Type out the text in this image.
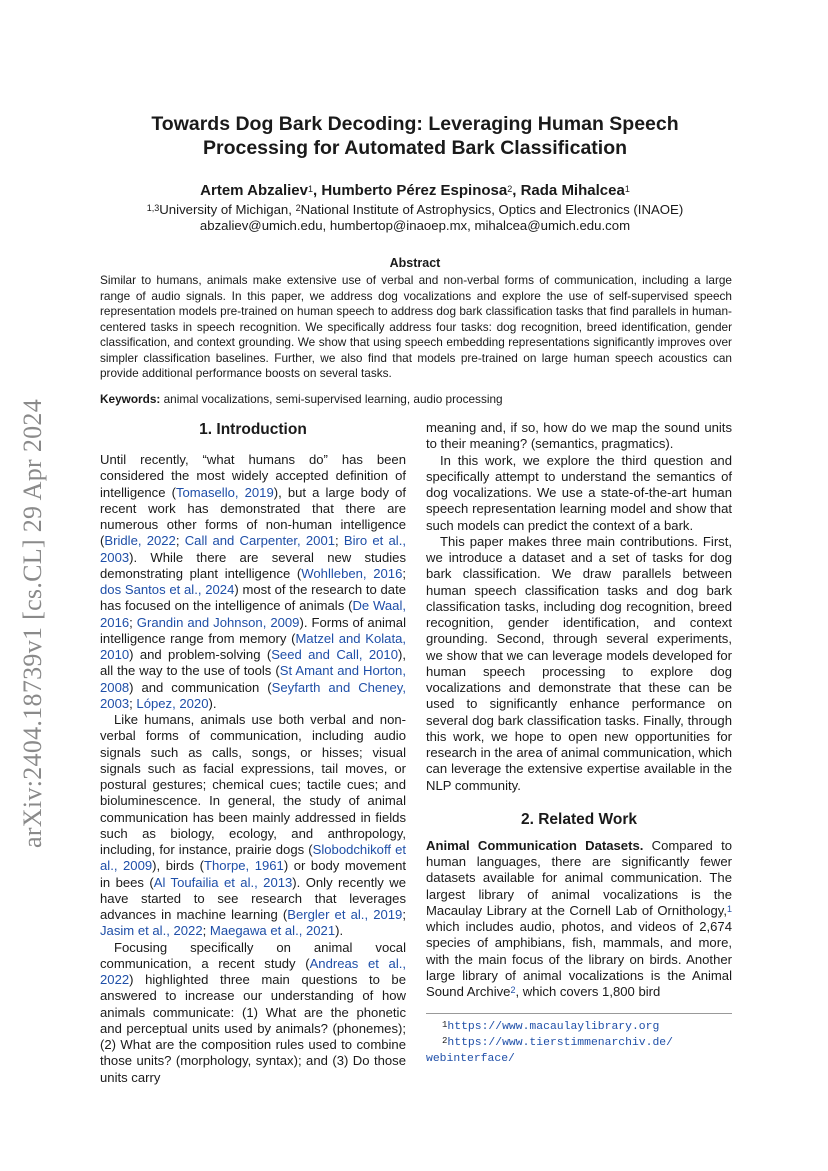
arXiv:2404.18739v1 [cs.CL] 29 Apr 2024
Towards Dog Bark Decoding: Leveraging Human Speech
Processing for Automated Bark Classification
Artem Abzaliev$^1$, Humberto Pérez Espinosa$^2$, Rada Mihalcea$^1$
$^{1,3}$University of Michigan, $^2$National Institute of Astrophysics, Optics and Electronics (INAOE)
abzaliev@umich.edu, humbertop@inaoep.mx, mihalcea@umich.edu.com
Abstract
Similar to humans, animals make extensive use of verbal and non-verbal forms of communication, including a large range of audio signals. In this paper, we address dog vocalizations and explore the use of self-supervised speech representation models pre-trained on human speech to address dog bark classification tasks that find parallels in human-centered tasks in speech recognition. We specifically address four tasks: dog recognition, breed identification, gender classification, and context grounding. We show that using speech embedding representations significantly improves over simpler classification baselines. Further, we also find that models pre-trained on large human speech acoustics can provide additional performance boosts on several tasks.
Keywords: animal vocalizations, semi-supervised learning, audio processing
1. Introduction

Until recently, “what humans do” has been considered the most widely accepted definition of intelligence (Tomasello, 2019), but a large body of recent work has demonstrated that there are numerous other forms of non-human intelligence (Bridle, 2022; Call and Carpenter, 2001; Biro et al., 2003). While there are several new studies demonstrating plant intelligence (Wohlleben, 2016; dos Santos et al., 2024) most of the research to date has focused on the intelligence of animals (De Waal, 2016; Grandin and Johnson, 2009). Forms of animal intelligence range from memory (Matzel and Kolata, 2010) and problem-solving (Seed and Call, 2010), all the way to the use of tools (St Amant and Horton, 2008) and communication (Seyfarth and Cheney, 2003; López, 2020).

Like humans, animals use both verbal and non-verbal forms of communication, including audio signals such as calls, songs, or hisses; visual signals such as facial expressions, tail moves, or postural gestures; chemical cues; tactile cues; and bioluminescence. In general, the study of animal communication has been mainly addressed in fields such as biology, ecology, and anthropology, including, for instance, prairie dogs (Slobodchikoff et al., 2009), birds (Thorpe, 1961) or body movement in bees (Al Toufailia et al., 2013). Only recently we have started to see research that leverages advances in machine learning (Bergler et al., 2019; Jasim et al., 2022; Maegawa et al., 2021).

Focusing specifically on animal vocal communication, a recent study (Andreas et al., 2022) highlighted three main questions to be answered to increase our understanding of how animals communicate: (1) What are the phonetic and perceptual units used by animals? (phonemes); (2) What are the composition rules used to combine those units? (morphology, syntax); and (3) Do those units carry

meaning and, if so, how do we map the sound units to their meaning? (semantics, pragmatics).

In this work, we explore the third question and specifically attempt to understand the semantics of dog vocalizations. We use a state-of-the-art human speech representation learning model and show that such models can predict the context of a bark.

This paper makes three main contributions. First, we introduce a dataset and a set of tasks for dog bark classification. We draw parallels between human speech classification tasks and dog bark classification tasks, including dog recognition, breed recognition, gender identification, and context grounding. Second, through several experiments, we show that we can leverage models developed for human speech processing to explore dog vocalizations and demonstrate that these can be used to significantly enhance performance on several dog bark classification tasks. Finally, through this work, we hope to open new opportunities for research in the area of animal communication, which can leverage the extensive expertise available in the NLP community.

2. Related Work

Animal Communication Datasets. Compared to human languages, there are significantly fewer datasets available for animal communication. The largest library of animal vocalizations is the Macaulay Library at the Cornell Lab of Ornithology,$^1$ which includes audio, photos, and videos of 2,674 species of amphibians, fish, mammals, and more, with the main focus of the library on birds. Another large library of animal vocalizations is the Animal Sound Archive$^2$, which covers 1,800 bird

$^1$https://www.macaulaylibrary.org
$^2$https://www.tierstimmenarchiv.de/
webinterface/
